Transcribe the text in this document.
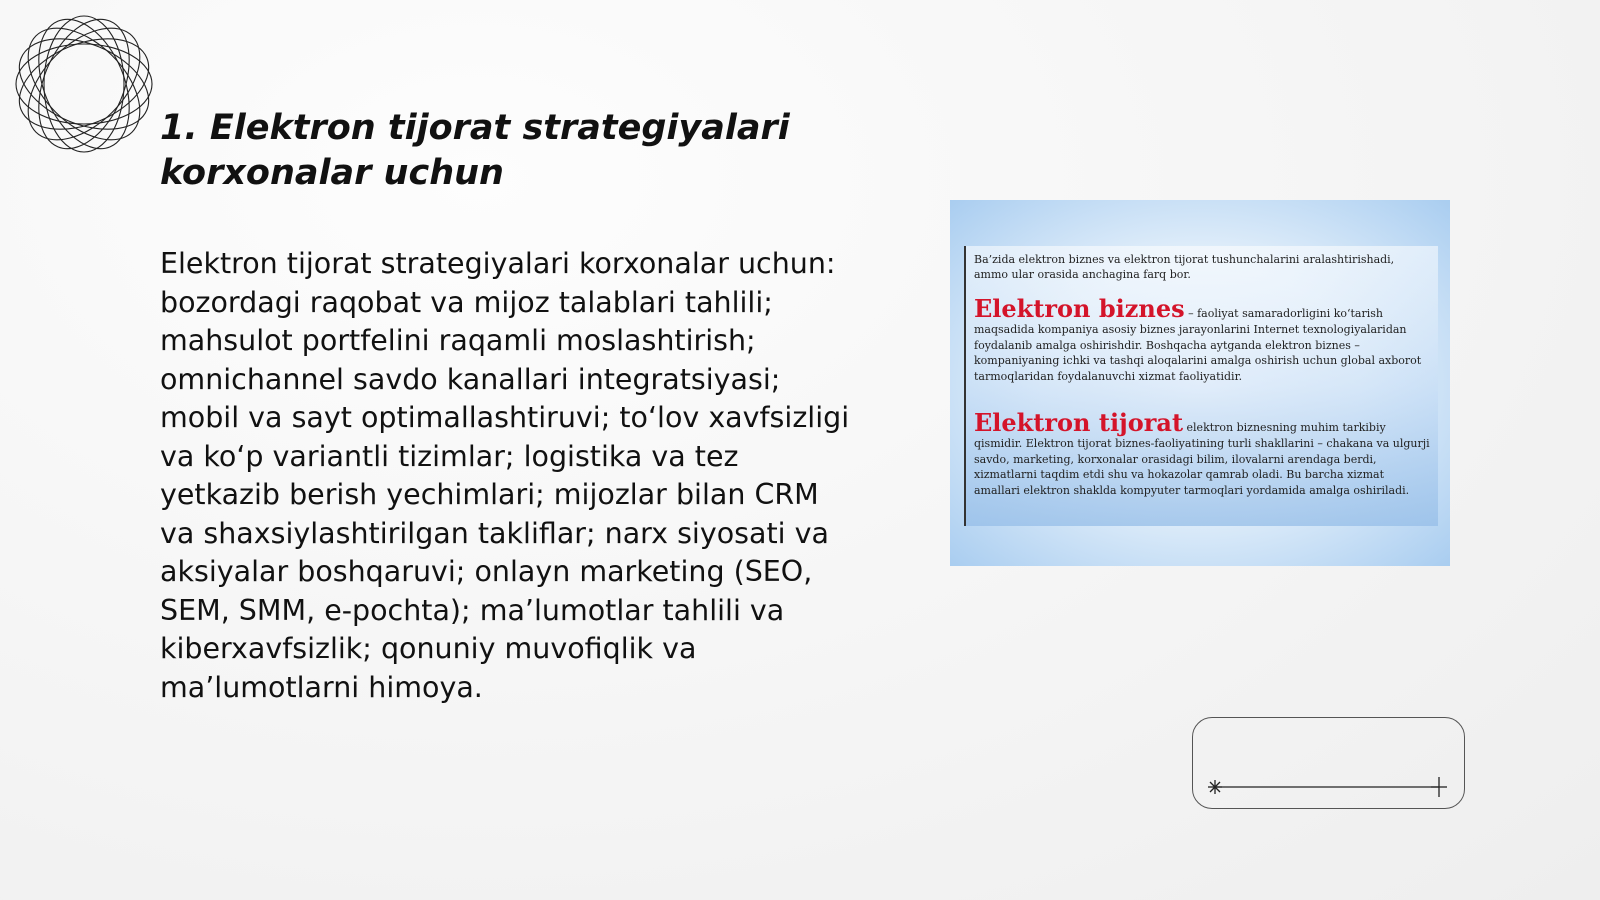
1. Elektron tijorat strategiyalari korxonalar uchun

Elektron tijorat strategiyalari korxonalar uchun: bozordagi raqobat va mijoz talablari tahlili; mahsulot portfelini raqamli moslashtirish; omnichannel savdo kanallari integratsiyasi; mobil va sayt optimallashtiruvi; to‘lov xavfsizligi va ko‘p variantli tizimlar; logistika va tez yetkazib berish yechimlari; mijozlar bilan CRM va shaxsiylashtirilgan takliflar; narx siyosati va aksiyalar boshqaruvi; onlayn marketing (SEO, SEM, SMM, e-pochta); ma’lumotlar tahlili va kiberxavfsizlik; qonuniy muvofiqlik va ma’lumotlarni himoya.

Ba’zida elektron biznes va elektron tijorat tushunchalarini aralashtirishadi, ammo ular orasida anchagina farq bor.

Elektron biznes – faoliyat samaradorligini ko‘tarish maqsadida kompaniya asosiy biznes jarayonlarini Internet texnologiyalaridan foydalanib amalga oshirishdir. Boshqacha aytganda elektron biznes – kompaniyaning ichki va tashqi aloqalarini amalga oshirish uchun global axborot tarmoqlaridan foydalanuvchi xizmat faoliyatidir.

Elektron tijorat elektron biznesning muhim tarkibiy qismidir. Elektron tijorat biznes-faoliyatining turli shakllarini – chakana va ulgurji savdo, marketing, korxonalar orasidagi bilim, ilovalarni arendaga berdi, xizmatlarni taqdim etdi shu va hokazolar qamrab oladi. Bu barcha xizmat amallari elektron shaklda kompyuter tarmoqlari yordamida amalga oshiriladi.
